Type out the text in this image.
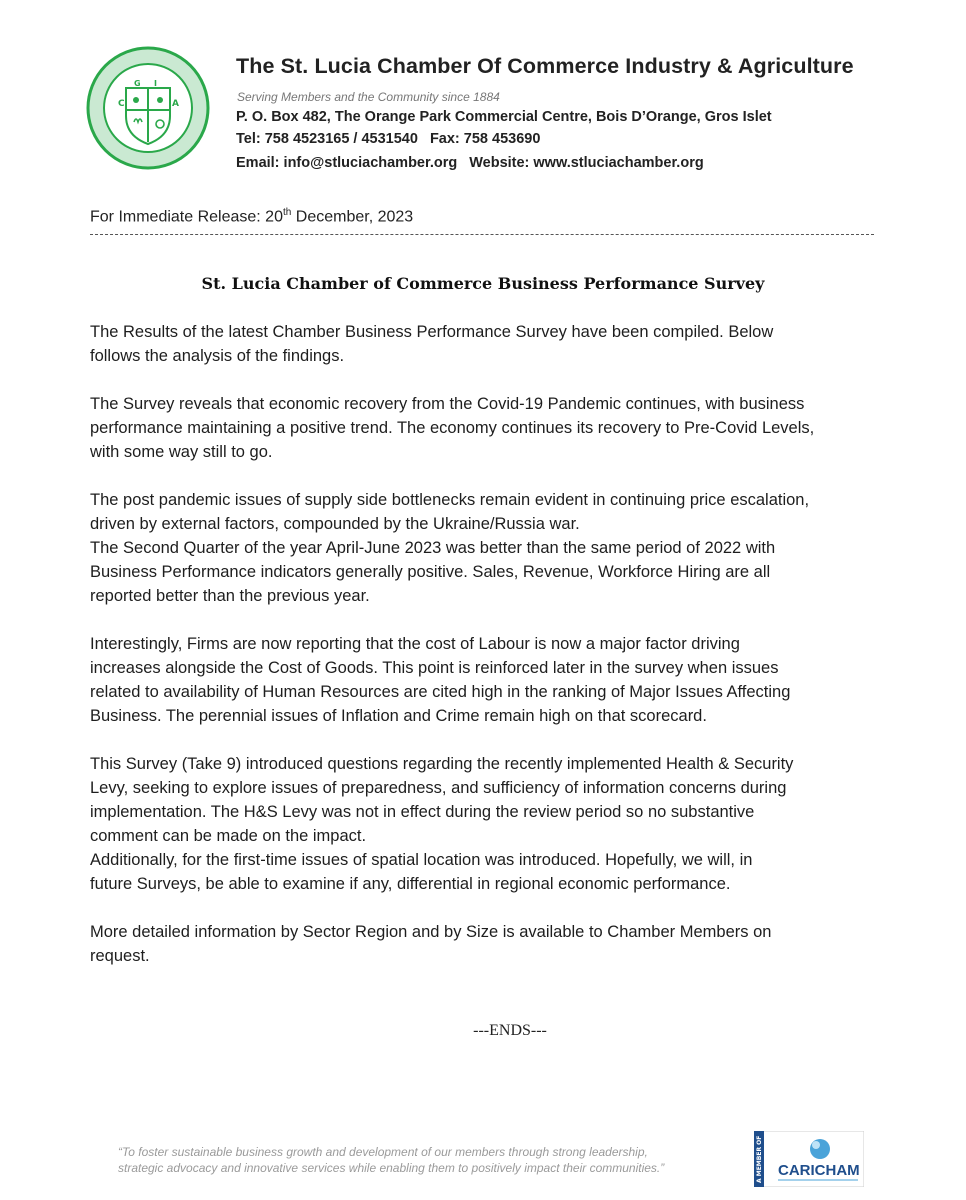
C
G I
A
The St. Lucia Chamber Of Commerce Industry & Agriculture
Serving Members and the Community since 1884
P. O. Box 482, The Orange Park Commercial Centre, Bois D’Orange, Gros Islet
Tel: 758 4523165 / 4531540 Fax: 758 453690
Email: info@stluciachamber.org Website: www.stluciachamber.org
For Immediate Release: 20th December, 2023
St. Lucia Chamber of Commerce Business Performance Survey

The Results of the latest Chamber Business Performance Survey have been compiled. Below
follows the analysis of the findings.

The Survey reveals that economic recovery from the Covid-19 Pandemic continues, with business
performance maintaining a positive trend. The economy continues its recovery to Pre-Covid Levels,
with some way still to go.

The post pandemic issues of supply side bottlenecks remain evident in continuing price escalation,
driven by external factors, compounded by the Ukraine/Russia war.
The Second Quarter of the year April-June 2023 was better than the same period of 2022 with
Business Performance indicators generally positive. Sales, Revenue, Workforce Hiring are all
reported better than the previous year.

Interestingly, Firms are now reporting that the cost of Labour is now a major factor driving
increases alongside the Cost of Goods. This point is reinforced later in the survey when issues
related to availability of Human Resources are cited high in the ranking of Major Issues Affecting
Business. The perennial issues of Inflation and Crime remain high on that scorecard.

This Survey (Take 9) introduced questions regarding the recently implemented Health & Security
Levy, seeking to explore issues of preparedness, and sufficiency of information concerns during
implementation. The H&S Levy was not in effect during the review period so no substantive
comment can be made on the impact.
Additionally, for the first-time issues of spatial location was introduced. Hopefully, we will, in
future Surveys, be able to examine if any, differential in regional economic performance.

More detailed information by Sector Region and by Size is available to Chamber Members on
request.

---ENDS---
“To foster sustainable business growth and development of our members through strong leadership,
strategic advocacy and innovative services while enabling them to positively impact their communities.”	A MEMBER OF CARICHAM
